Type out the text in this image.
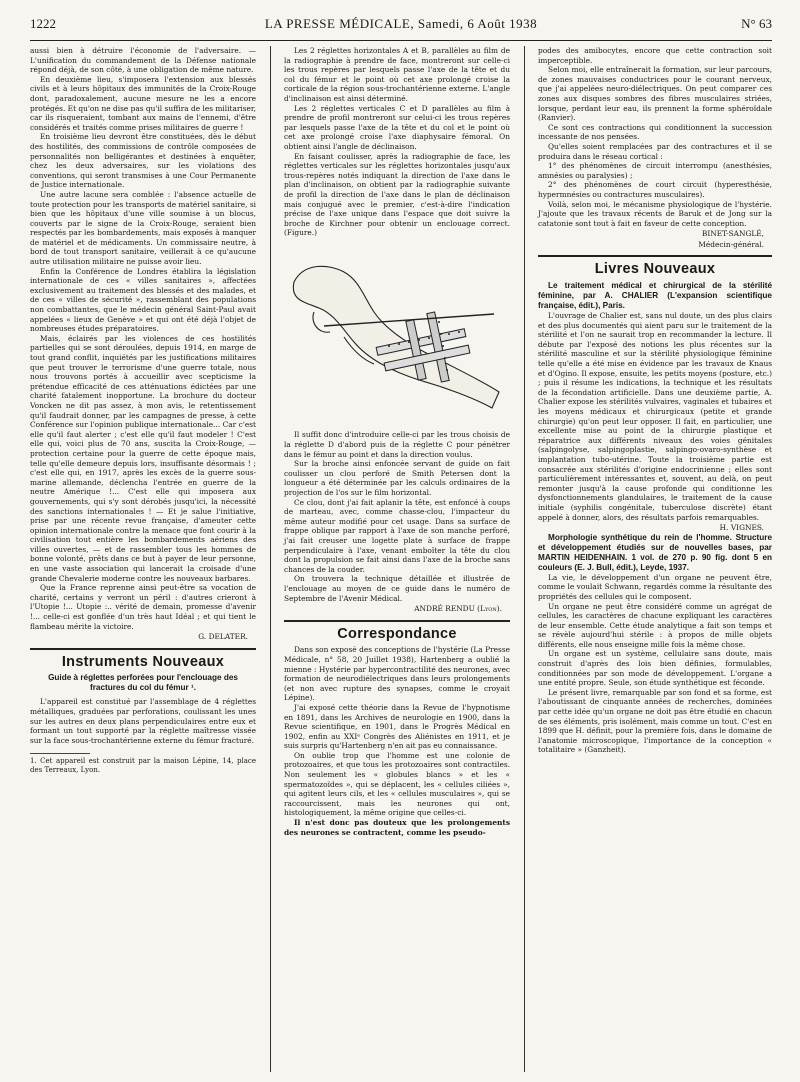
1222	LA PRESSE MÉDICALE, Samedi, 6 Août 1938	N° 63

aussi bien à détruire l'économie de l'adversaire. — L'unification du commandement de la Défense nationale répond déjà, de son côté, à une obligation de même nature.

En deuxième lieu, s'imposera l'extension aux blessés civils et à leurs hôpitaux des immunités de la Croix-Rouge dont, paradoxalement, aucune mesure ne les a encore protégés. Et qu'on ne dise pas qu'il suffira de les militariser, car ils risqueraient, tombant aux mains de l'ennemi, d'être considérés et traités comme prises militaires de guerre !

En troisième lieu devront être constituées, dès le début des hostilités, des commissions de contrôle composées de personnalités non belligérantes et destinées à enquêter, chez les deux adversaires, sur les violations des conventions, qui seront transmises à une Cour Permanente de Justice internationale.

Une autre lacune sera comblée : l'absence actuelle de toute protection pour les transports de matériel sanitaire, si bien que les hôpitaux d'une ville soumise à un blocus, couverts par le signe de la Croix-Rouge, seraient bien respectés par les bombardements, mais exposés à manquer de matériel et de médicaments. Un commissaire neutre, à bord de tout transport sanitaire, veillerait à ce qu'aucune autre utilisation militaire ne puisse avoir lieu.

Enfin la Conférence de Londres établira la législation internationale de ces « villes sanitaires », affectées exclusivement au traitement des blessés et des malades, et de ces « villes de sécurité », rassemblant des populations non combattantes, que le médecin général Saint-Paul avait appelées « lieux de Genève » et qui ont été déjà l'objet de nombreuses études préparatoires.

Mais, éclairés par les violences de ces hostilités partielles qui se sont déroulées, depuis 1914, en marge de tout grand conflit, inquiétés par les justifications militaires que peut trouver le terrorisme d'une guerre totale, nous nous trouvons portés à accueillir avec scepticisme la prétendue efficacité de ces atténuations édictées par une charité fatalement inopportune. La brochure du docteur Voncken ne dit pas assez, à mon avis, le retentissement qu'il faudrait donner, par les campagnes de presse, à cette Conférence sur l'opinion publique internationale... Car c'est elle qu'il faut alerter ; c'est elle qu'il faut modeler ! C'est elle qui, voici plus de 70 ans, suscita la Croix-Rouge, — protection certaine pour la guerre de cette époque mais, telle qu'elle demeure depuis lors, insuffisante désormais ! ; c'est elle qui, en 1917, après les excès de la guerre sous-marine allemande, déclencha l'entrée en guerre de la neutre Amérique !... C'est elle qui imposera aux gouvernements, qui s'y sont dérobés jusqu'ici, la nécessité des sanctions internationales ! — Et je salue l'initiative, prise par une récente revue française, d'ameuter cette opinion internationale contre la menace que font courir à la civilisation tout entière les bombardements aériens des villes ouvertes, — et de rassembler tous les hommes de bonne volonté, prêts dans ce but à payer de leur personne, en une vaste association qui lancerait la croisade d'une grande Chevalerie moderne contre les nouveaux barbares.

Que la France reprenne ainsi peut-être sa vocation de charité, certains y verront un péril : d'autres crieront à l'Utopie !... Utopie :.. vérité de demain, promesse d'avenir !... celle-ci est gonflée d'un très haut Idéal ; et qui tient le flambeau mérite la victoire.

G. DELATER.
Instruments Nouveaux
Guide à réglettes perforées pour l'enclouage des fractures du col du fémur ¹.

L'appareil est constitué par l'assemblage de 4 réglettes métalliques, graduées par perforations, coulissant les unes sur les autres en deux plans perpendiculaires entre eux et formant un tout supporté par la réglette maîtresse vissée sur la face sous-trochantérienne externe du fémur fracturé.

1. Cet appareil est construit par la maison Lépine, 14, place des Terreaux, Lyon.

Les 2 réglettes horizontales A et B, parallèles au film de la radiographie à prendre de face, montreront sur celle-ci les trous repères par lesquels passe l'axe de la tête et du col du fémur et le point où cet axe prolongé croise la corticale de la région sous-trochantérienne externe. L'angle d'inclinaison est ainsi déterminé.

Les 2 réglettes verticales C et D parallèles au film à prendre de profil montreront sur celui-ci les trous repères par lesquels passe l'axe de la tête et du col et le point où cet axe prolongé croise l'axe diaphysaire fémoral. On obtient ainsi l'angle de déclinaison.

En faisant coulisser, après la radiographie de face, les réglettes verticales sur les réglettes horizontales jusqu'aux trous-repères notés indiquant la direction de l'axe dans le plan d'inclinaison, on obtient par la radiographie suivante de profil la direction de l'axe dans le plan de déclinaison mais conjugué avec le premier, c'est-à-dire l'indication précise de l'axe unique dans l'espace que doit suivre la broche de Kirchner pour obtenir un enclouage correct. (Figure.)

Il suffit donc d'introduire celle-ci par les trous choisis de la réglette D d'abord puis de la réglette C pour pénétrer dans le fémur au point et dans la direction voulus.

Sur la broche ainsi enfoncée servant de guide on fait coulisser un clou perforé de Smith Petersen dont la longueur a été déterminée par les calculs ordinaires de la projection de l'os sur le film horizontal.

Ce clou, dont j'ai fait aplanir la tête, est enfoncé à coups de marteau, avec, comme chasse-clou, l'impacteur du même auteur modifié pour cet usage. Dans sa surface de frappe oblique par rapport à l'axe de son manche perforé, j'ai fait creuser une logette plate à surface de frappe perpendiculaire à l'axe, venant emboîter la tête du clou dont la propulsion se fait ainsi dans l'axe de la broche sans chances de la couder.

On trouvera la technique détaillée et illustrée de l'enclouage au moyen de ce guide dans le numéro de Septembre de l'Avenir Médical.

ANDRÉ RENDU (Lyon).
Correspondance

Dans son exposé des conceptions de l'hystérie (La Presse Médicale, n° 58, 20 Juillet 1938), Hartenberg a oublié la mienne : Hystérie par hypercontractilité des neurones, avec formation de neurodiélectriques dans leurs prolongements (et non avec rupture des synapses, comme le croyait Lépine).

J'ai exposé cette théorie dans la Revue de l'hypnotisme en 1891, dans les Archives de neurologie en 1900, dans la Revue scientifique, en 1901, dans le Progrès Médical en 1902, enfin au XXIᵉ Congrès des Aliénistes en 1911, et je suis surpris qu'Hartenberg n'en ait pas eu connaissance.

On oublie trop que l'homme est une colonie de protozoaires, et que tous les protozoaires sont contractiles. Non seulement les « globules blancs » et les « spermatozoïdes », qui se déplacent, les « cellules ciliées », qui agitent leurs cils, et les « cellules musculaires », qui se raccourcissent, mais les neurones qui ont, histologiquement, la même origine que celles-ci.

Il n'est donc pas douteux que les prolongements des neurones se contractent, comme les pseudo-

podes des amibocytes, encore que cette contraction soit imperceptible.

Selon moi, elle entraînerait la formation, sur leur parcours, de zones mauvaises conductrices pour le courant nerveux, que j'ai appelées neuro-diélectriques. On peut comparer ces zones aux disques sombres des fibres musculaires striées, lorsque, perdant leur eau, ils prennent la forme sphéroïdale (Ranvier).

Ce sont ces contractions qui conditionnent la succession incessante de nos pensées.

Qu'elles soient remplacées par des contractures et il se produira dans le réseau cortical :

1° des phénomènes de circuit interrompu (anesthésies, amnésies ou paralysies) ;

2° des phénomènes de court circuit (hyperesthésie, hypermnésies ou contractures musculaires).

Voilà, selon moi, le mécanisme physiologique de l'hystérie. J'ajoute que les travaux récents de Baruk et de Jong sur la catatonie sont tout à fait en faveur de cette conception.

BINET-SANGLÉ,
Médecin-général.
Livres Nouveaux

Le traitement médical et chirurgical de la stérilité féminine, par A. CHALIER (L'expansion scientifique française, édit.), Paris.

L'ouvrage de Chalier est, sans nul doute, un des plus clairs et des plus documentés qui aient paru sur le traitement de la stérilité et l'on ne saurait trop en recommander la lecture. Il débute par l'exposé des notions les plus récentes sur la stérilité masculine et sur la stérilité physiologique féminine telle qu'elle a été mise en évidence par les travaux de Knaus et d'Ogino. Il expose, ensuite, les petits moyens (posture, etc.) ; puis il résume les indications, la technique et les résultats de la fécondation artificielle. Dans une deuxième partie, A. Chalier expose les stérilités vulvaires, vaginales et tubaires et les moyens médicaux et chirurgicaux (petite et grande chirurgie) qu'on peut leur opposer. Il fait, en particulier, une excellente mise au point de la chirurgie plastique et réparatrice aux différents niveaux des voies génitales (salpingolyse, salpingoplastie, salpingo-ovaro-synthèse et implantation tubo-utérine. Toute la troisième partie est consacrée aux stérilités d'origine endocrinienne ; elles sont particulièrement intéressantes et, souvent, au delà, on peut remonter jusqu'à la cause profonde qui conditionne les dysfonctionnements glandulaires, le traitement de la cause initiale (syphilis congénitale, tuberculose discrète) étant appelé à donner, alors, des résultats parfois remarquables.

H. VIGNES.

Morphologie synthétique du rein de l'homme. Structure et développement étudiés sur de nouvelles bases, par MARTIN HEIDENHAIN. 1 vol. de 270 p. 90 fig. dont 5 en couleurs (E. J. Bull, édit.), Leyde, 1937.

La vie, le développement d'un organe ne peuvent être, comme le voulait Schwann, regardés comme la résultante des propriétés des cellules qui le composent.

Un organe ne peut être considéré comme un agrégat de cellules, les caractères de chacune expliquant les caractères de leur ensemble. Cette étude analytique a fait son temps et se révèle aujourd'hui stérile : à propos de mille objets différents, elle nous enseigne mille fois la même chose.

Un organe est un système, cellulaire sans doute, mais construit d'après des lois bien définies, formulables, conditionnées par son mode de développement. L'organe a une entité propre. Seule, son étude synthétique est féconde.

Le présent livre, remarquable par son fond et sa forme, est l'aboutissant de cinquante années de recherches, dominées par cette idée qu'un organe ne doit pas être étudié en chacun de ses éléments, pris isolément, mais comme un tout. C'est en 1899 que H. définit, pour la première fois, dans le domaine de l'anatomie microscopique, l'importance de la conception « totalitaire » (Ganzheit).
